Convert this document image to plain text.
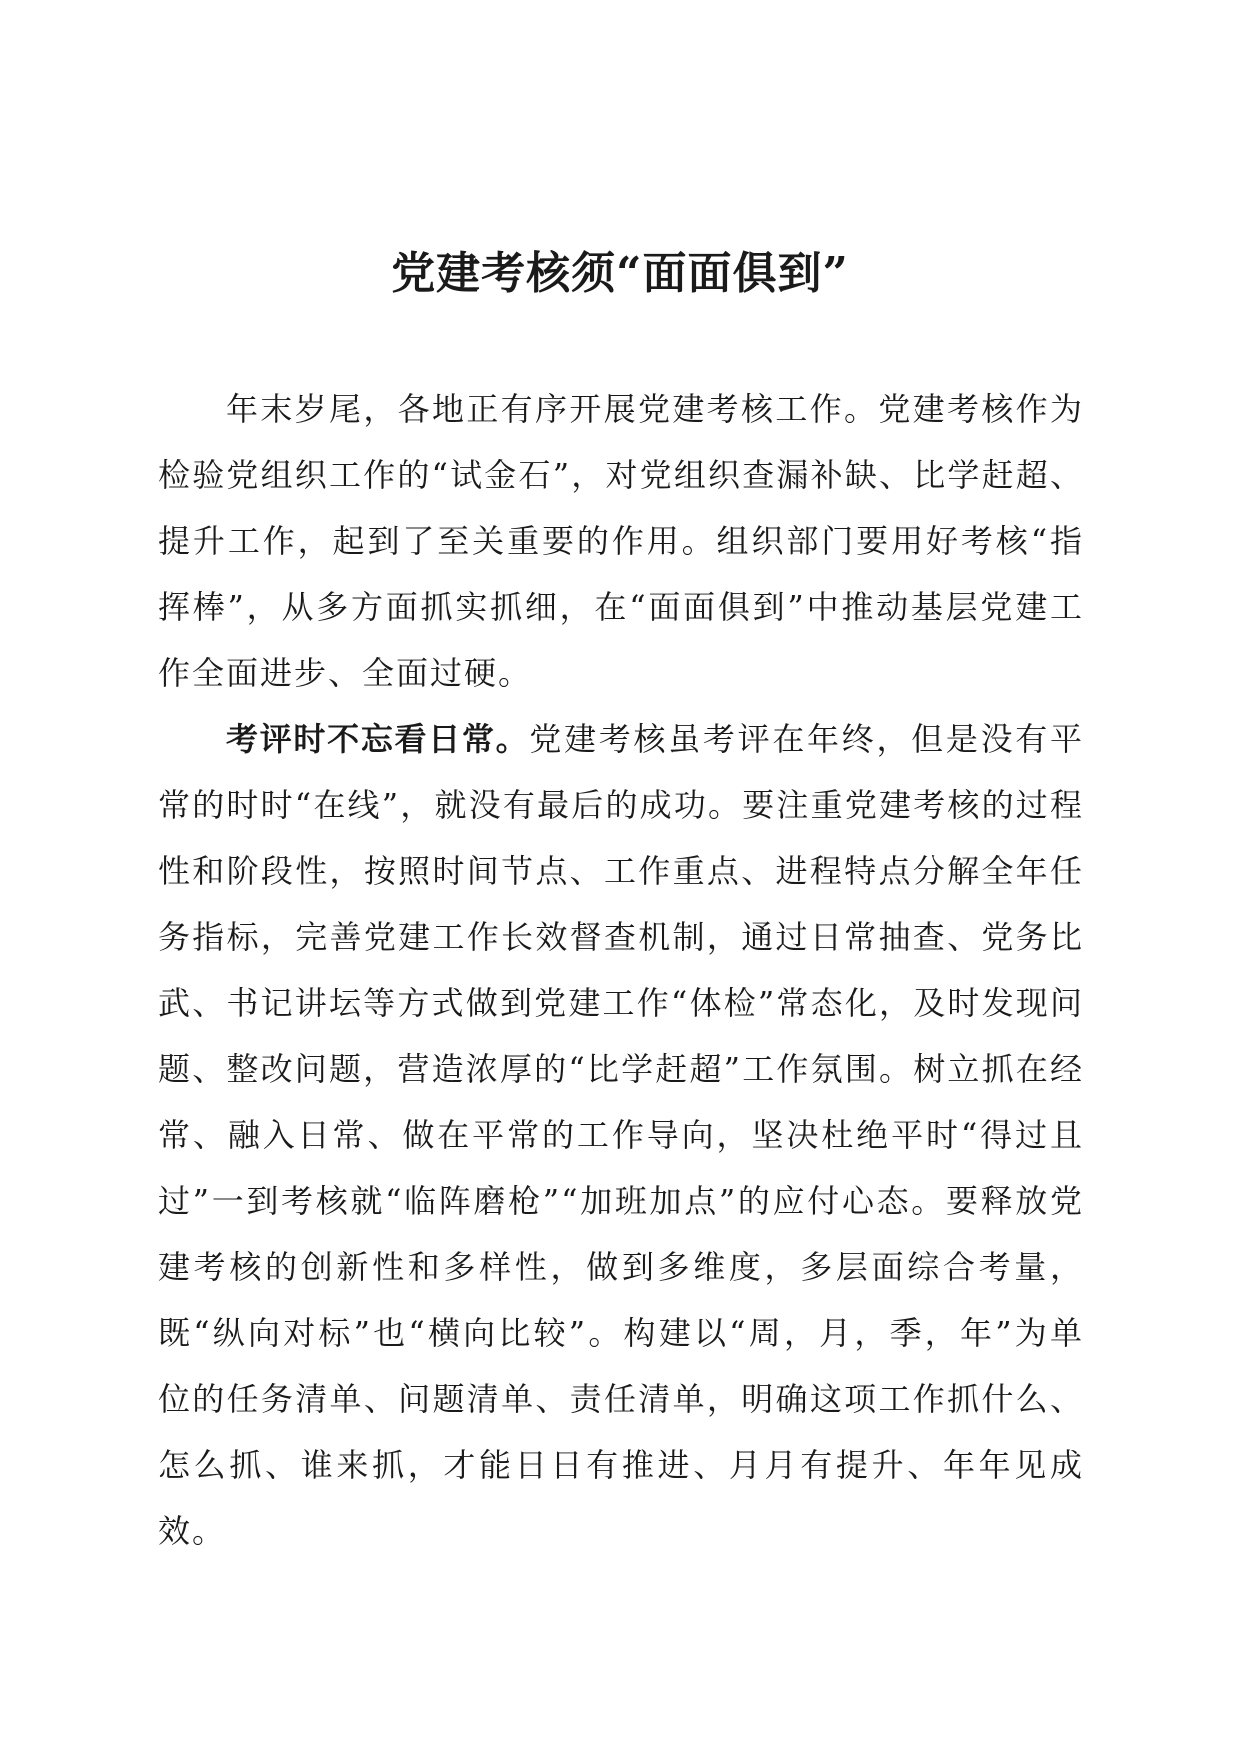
党建考核须“面面俱到”

年末岁尾，各地正有序开展党建考核工作。党建考核作为检验党组织工作的“试金石”，对党组织查漏补缺、比学赶超、提升工作，起到了至关重要的作用。组织部门要用好考核“指挥棒”，从多方面抓实抓细，在“面面俱到”中推动基层党建工作全面进步、全面过硬。

考评时不忘看日常。党建考核虽考评在年终，但是没有平常的时时“在线”，就没有最后的成功。要注重党建考核的过程性和阶段性，按照时间节点、工作重点、进程特点分解全年任务指标，完善党建工作长效督查机制，通过日常抽查、党务比武、书记讲坛等方式做到党建工作“体检”常态化，及时发现问题、整改问题，营造浓厚的“比学赶超”工作氛围。树立抓在经常、融入日常、做在平常的工作导向，坚决杜绝平时“得过且过”一到考核就“临阵磨枪”“加班加点”的应付心态。要释放党建考核的创新性和多样性，做到多维度，多层面综合考量，既“纵向对标”也“横向比较”。构建以“周，月，季，年”为单位的任务清单、问题清单、责任清单，明确这项工作抓什么、怎么抓、谁来抓，才能日日有推进、月月有提升、年年见成效。
